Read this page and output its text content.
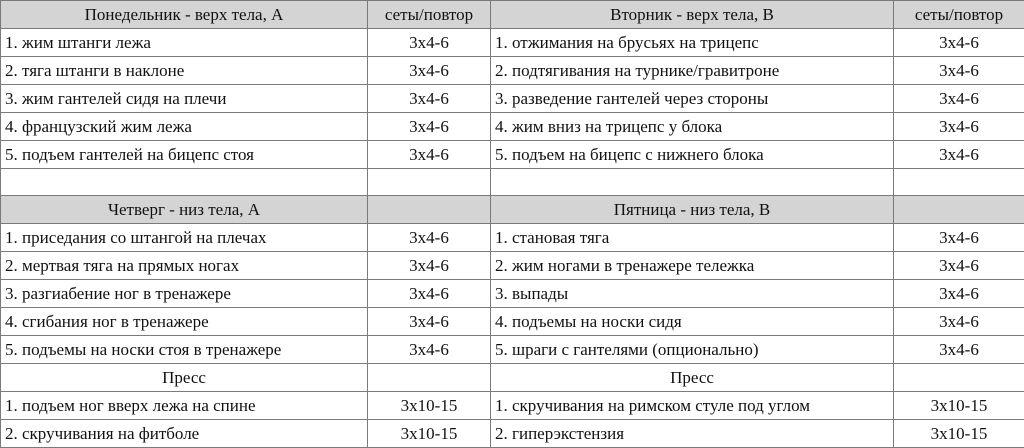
Понедельник - верх тела, А	сеты/повтор	Вторник - верх тела, В	сеты/повтор
1. жим штанги лежа	3х4-6	1. отжимания на брусьях на трицепс	3х4-6
2. тяга штанги в наклоне	3х4-6	2. подтягивания на турнике/гравитроне	3х4-6
3. жим гантелей сидя на плечи	3х4-6	3. разведение гантелей через стороны	3х4-6
4. французский жим лежа	3х4-6	4. жим вниз на трицепс у блока	3х4-6
5. подъем гантелей на бицепс стоя	3х4-6	5. подъем на бицепс с нижнего блока	3х4-6

Четверг - низ тела, А		Пятница - низ тела, В	
1. приседания со штангой на плечах	3х4-6	1. становая тяга	3х4-6
2. мертвая тяга на прямых ногах	3х4-6	2. жим ногами в тренажере тележка	3х4-6
3. разгиабение ног в тренажере	3х4-6	3. выпады	3х4-6
4. сгибания ног в тренажере	3х4-6	4. подъемы на носки сидя	3х4-6
5. подъемы на носки стоя в тренажере	3х4-6	5. шраги с гантелями (опционально)	3х4-6
Пресс		Пресс	
1. подъем ног вверх лежа на спине	3х10-15	1. скручивания на римском стуле под углом	3х10-15
2. скручивания на фитболе	3х10-15	2. гиперэкстензия	3х10-15
